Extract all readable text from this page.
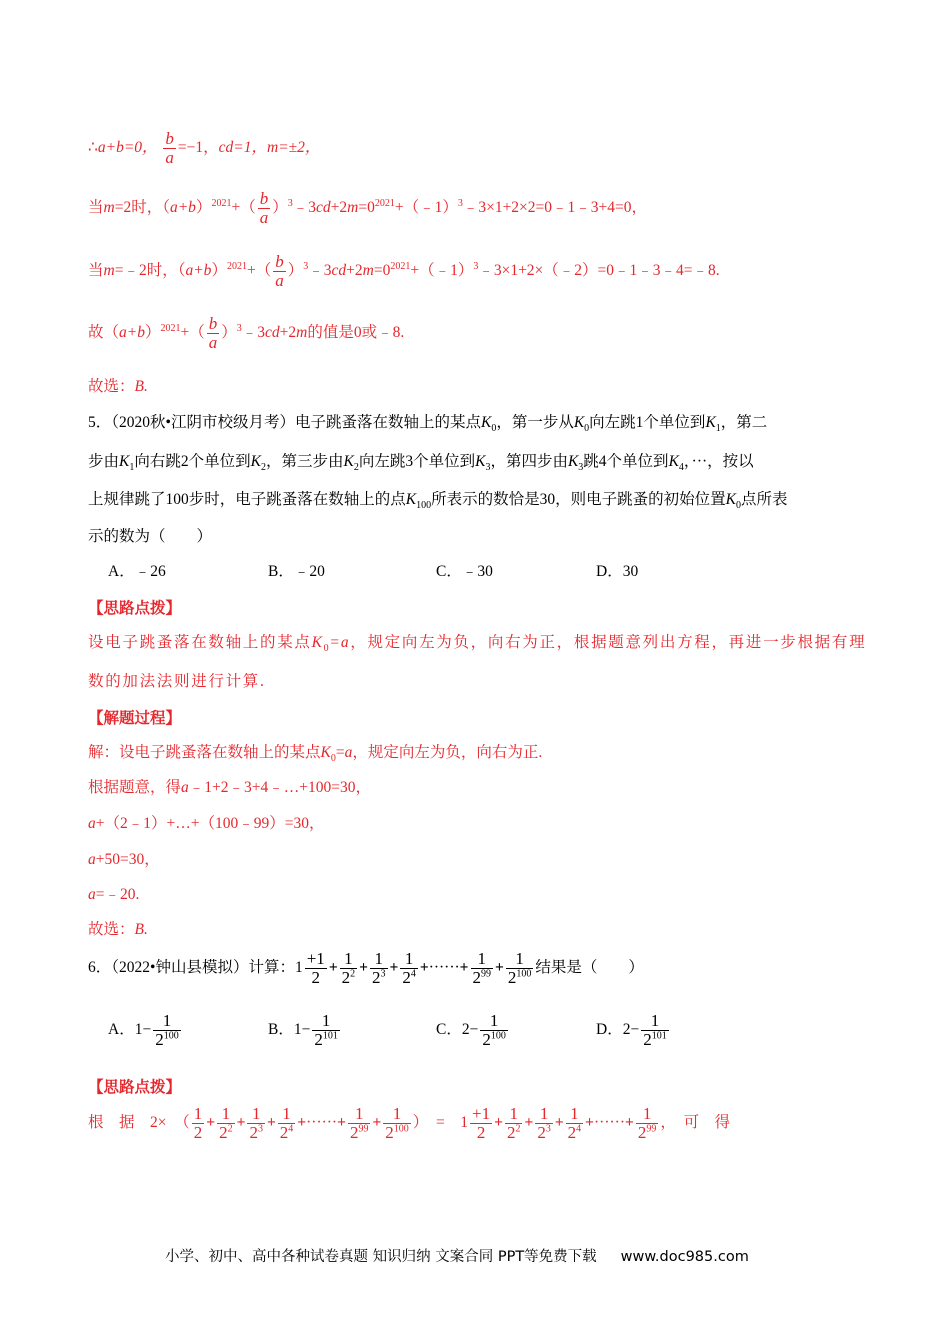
∴a+b=0， $\frac{b}{a} =-1$，cd=1，m=±2，
当m=2时，$(a+b)^{2021}+( \frac{b}{a}$ ）$^3﹣3cd+2m=0^{2021}+(﹣1)^3﹣3\times 1+2\times 2=0﹣1﹣3+4=0$，
当m=﹣2时，$(a+b)^{2021}+( \frac{b}{a}$ ）$^3﹣3cd+2m=0^{2021}+(﹣1)^3﹣3\times 1+2\times(﹣2)=0﹣1﹣3﹣4=﹣8$.
故$(a+b)^{2021}+( \frac{b}{a}$ ）$^3﹣3cd+2m$的值是0或﹣8.
故选：B.
5．（2020秋•江阴市校级月考）电子跳蚤落在数轴上的某点$K_0$，第一步从$K_0$向左跳1个单位到$K_1$，第二
步由$K_1$向右跳2个单位到$K_2$，第三步由$K_2$向左跳3个单位到$K_3$，第四步由$K_3$跳4个单位到$K_4$，···，按以
上规律跳了100步时，电子跳蚤落在数轴上的点$K_{100}$所表示的数恰是30，则电子跳蚤的初始位置$K_0$点所表
示的数为（　　）
A．﹣26	B．﹣20	C．﹣30	D．30
【思路点拨】
设电子跳蚤落在数轴上的某点$K_0=a$，规定向左为负，向右为正，根据题意列出方程，再进一步根据有理
数的加法法则进行计算.
【解题过程】
解：设电子跳蚤落在数轴上的某点$K_0=a$，规定向左为负，向右为正.
根据题意，得a﹣1+2﹣3+4﹣…+100=30，
a+（2﹣1）+…+（100﹣99）=30，
a+50=30，
a=﹣20.
故选：B.
6．（2022•钟山县模拟）计算：$1 \frac{+1}{2} + \frac{1}{2^2} + \frac{1}{2^3} + \frac{1}{2^4}$ +······+ $\frac{1}{2^{99}} + \frac{1}{2^{100}}$ 结果是（　　）
A．$1- \frac{1}{2^{100}}$	B．$1- \frac{1}{2^{101}}$	C．$2- \frac{1}{2^{100}}$	D．$2- \frac{1}{2^{101}}$
【思路点拨】
根　据　2×　（ $\frac{1}{2} + \frac{1}{2^2} + \frac{1}{2^3} + \frac{1}{2^4}$ +······+ $\frac{1}{2^{99}} + \frac{1}{2^{100}}$ ）　=　$1 \frac{+1}{2} + \frac{1}{2^2} + \frac{1}{2^3} + \frac{1}{2^4}$ +······+ $\frac{1}{2^{99}}$ ，　可　得
小学、初中、高中各种试卷真题 知识归纳 文案合同 PPT等免费下载 www.doc985.com
